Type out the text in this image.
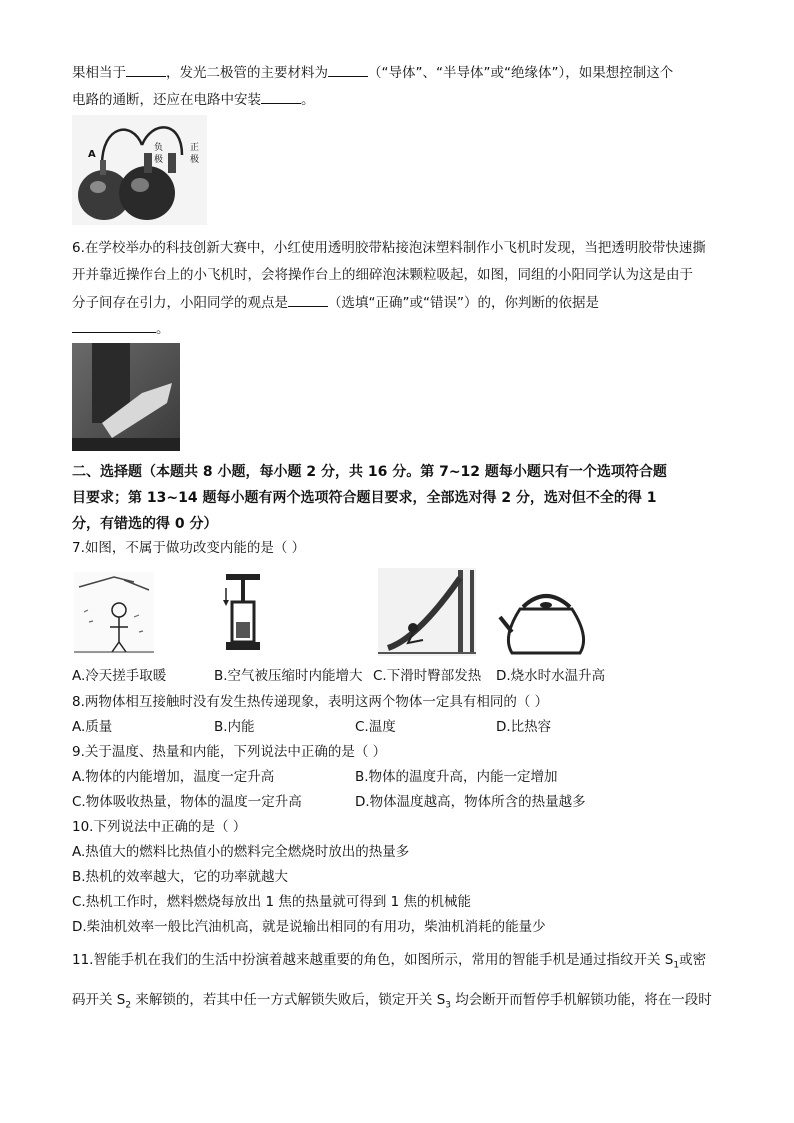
果相当于	，发光二极管的主要材料为	（“导体”、“半导体”或“绝缘体”），如果想控制这个
电路的通断，还应在电路中安装	。
A
负
极
正
极
6.在学校举办的科技创新大赛中，小红使用透明胶带粘接泡沫塑料制作小飞机时发现，当把透明胶带快速撕
开并靠近操作台上的小飞机时，会将操作台上的细碎泡沫颗粒吸起，如图，同组的小阳同学认为这是由于
分子间存在引力，小阳同学的观点是	（选填“正确”或“错误”）的，你判断的依据是
。
二、选择题（本题共 8 小题，每小题 2 分，共 16 分。第 7~12 题每小题只有一个选项符合题
目要求；第 13~14 题每小题有两个选项符合题目要求，全部选对得 2 分，选对但不全的得 1
分，有错选的得 0 分）
7.如图，不属于做功改变内能的是（ ）
A.冷天搓手取暖	B.空气被压缩时内能增大 C.下滑时臀部发热 D.烧水时水温升高
8.两物体相互接触时没有发生热传递现象，表明这两个物体一定具有相同的（ ）
A.质量	B.内能	C.温度	D.比热容
9.关于温度、热量和内能，下列说法中正确的是（ ）
A.物体的内能增加，温度一定升高	B.物体的温度升高，内能一定增加
C.物体吸收热量，物体的温度一定升高	D.物体温度越高，物体所含的热量越多
10.下列说法中正确的是（ ）
A.热值大的燃料比热值小的燃料完全燃烧时放出的热量多
B.热机的效率越大，它的功率就越大
C.热机工作时，燃料燃烧每放出 1 焦的热量就可得到 1 焦的机械能
D.柴油机效率一般比汽油机高，就是说输出相同的有用功，柴油机消耗的能量少
11.智能手机在我们的生活中扮演着越来越重要的角色，如图所示，常用的智能手机是通过指纹开关 $S_1$或密
码开关 $S_2$ 来解锁的，若其中任一方式解锁失败后，锁定开关 $S_3$ 均会断开而暂停手机解锁功能，将在一段时
